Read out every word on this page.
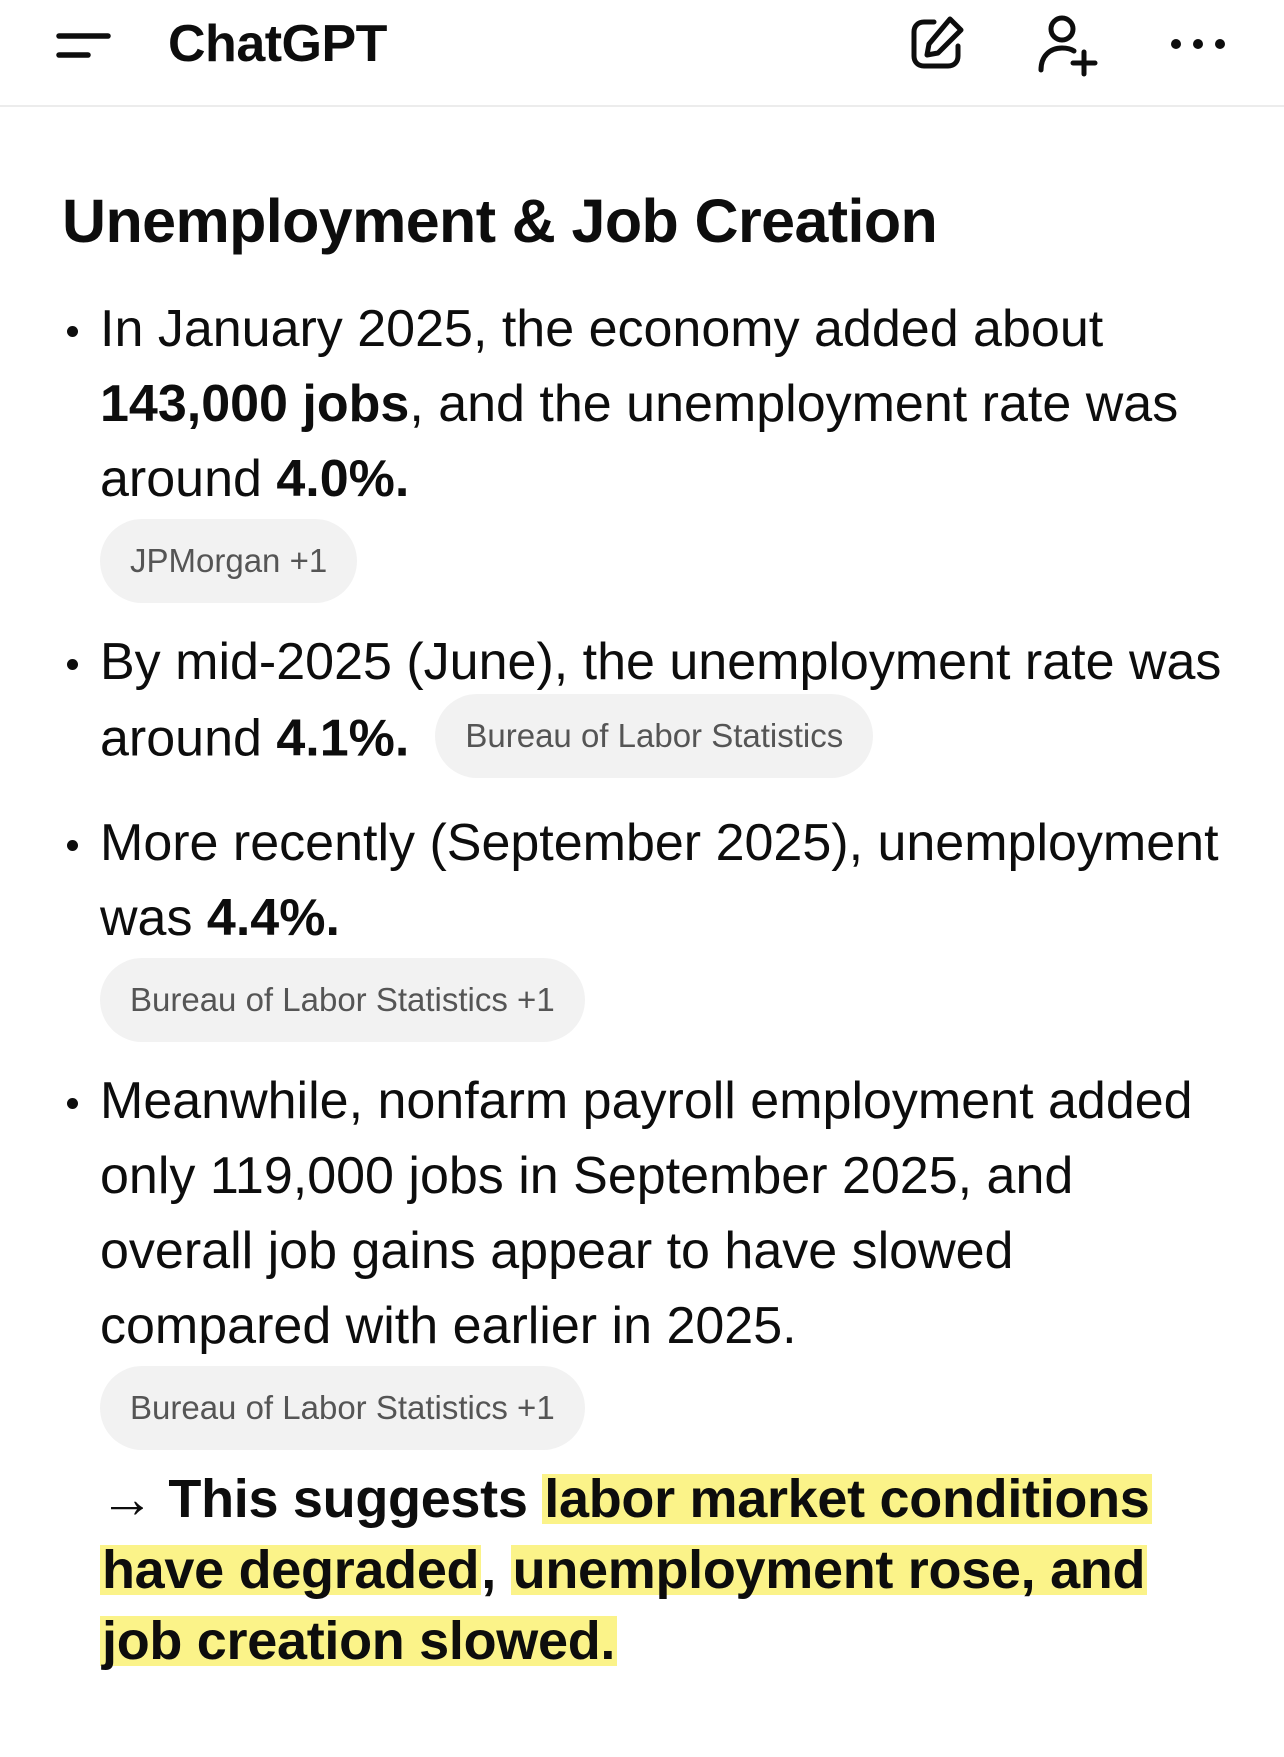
ChatGPT
Unemployment & Job Creation
In January 2025, the economy added about 143,000 jobs, and the unemployment rate was around 4.0%.
JPMorgan +1
By mid-2025 (June), the unemployment rate was around 4.1%. Bureau of Labor Statistics
More recently (September 2025), unemployment was 4.4%.
Bureau of Labor Statistics +1
Meanwhile, nonfarm payroll employment added only 119,000 jobs in September 2025, and overall job gains appear to have slowed compared with earlier in 2025.
Bureau of Labor Statistics +1

→ This suggests labor market conditions have degraded, unemployment rose, and job creation slowed.
